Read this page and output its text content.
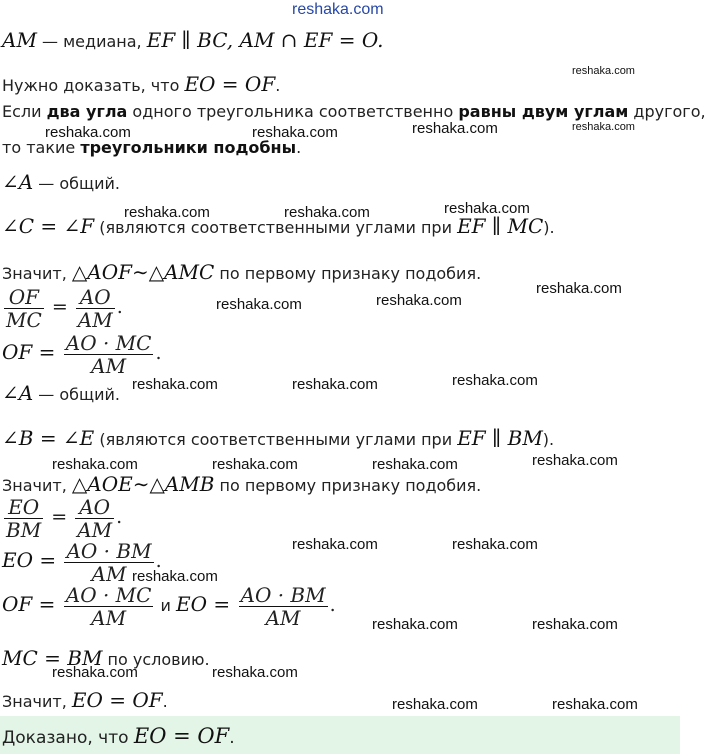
reshaka.com
AM — медиана, EF ∥ BC, AM ∩ EF = O.
Нужно доказать, что EO = OF.
Если два угла одного треугольника соответственно равны двум углам другого,
то такие треугольники подобны.
∠A — общий.
∠C = ∠F (являются соответственными углами при EF ∥ MC).
Значит, △AOF∼△AMC по первому признаку подобия.
$\frac{OF}{MC} = \frac{AO}{AM}$ .
OF = $\frac{AO \cdot MC}{AM}$ .
∠A — общий.
∠B = ∠E (являются соответственными углами при EF ∥ BM).
Значит, △AOE∼△AMB по первому признаку подобия.
$\frac{EO}{BM} = \frac{AO}{AM}$ .
EO = $\frac{AO \cdot BM}{AM}$ .
OF = $\frac{AO \cdot MC}{AM}$ и EO = $\frac{AO \cdot BM}{AM}$ .
MC = BM по условию.
Значит, EO = OF.
Доказано, что EO = OF.
reshaka.com
reshaka.com
reshaka.com	reshaka.com	reshaka.com
reshaka.com	reshaka.com	reshaka.com
reshaka.com
reshaka.com
reshaka.com
reshaka.com	reshaka.com	reshaka.com
reshaka.com	reshaka.com	reshaka.com	reshaka.com
reshaka.com	reshaka.com
reshaka.com
reshaka.com	reshaka.com
reshaka.com	reshaka.com
reshaka.com	reshaka.com
